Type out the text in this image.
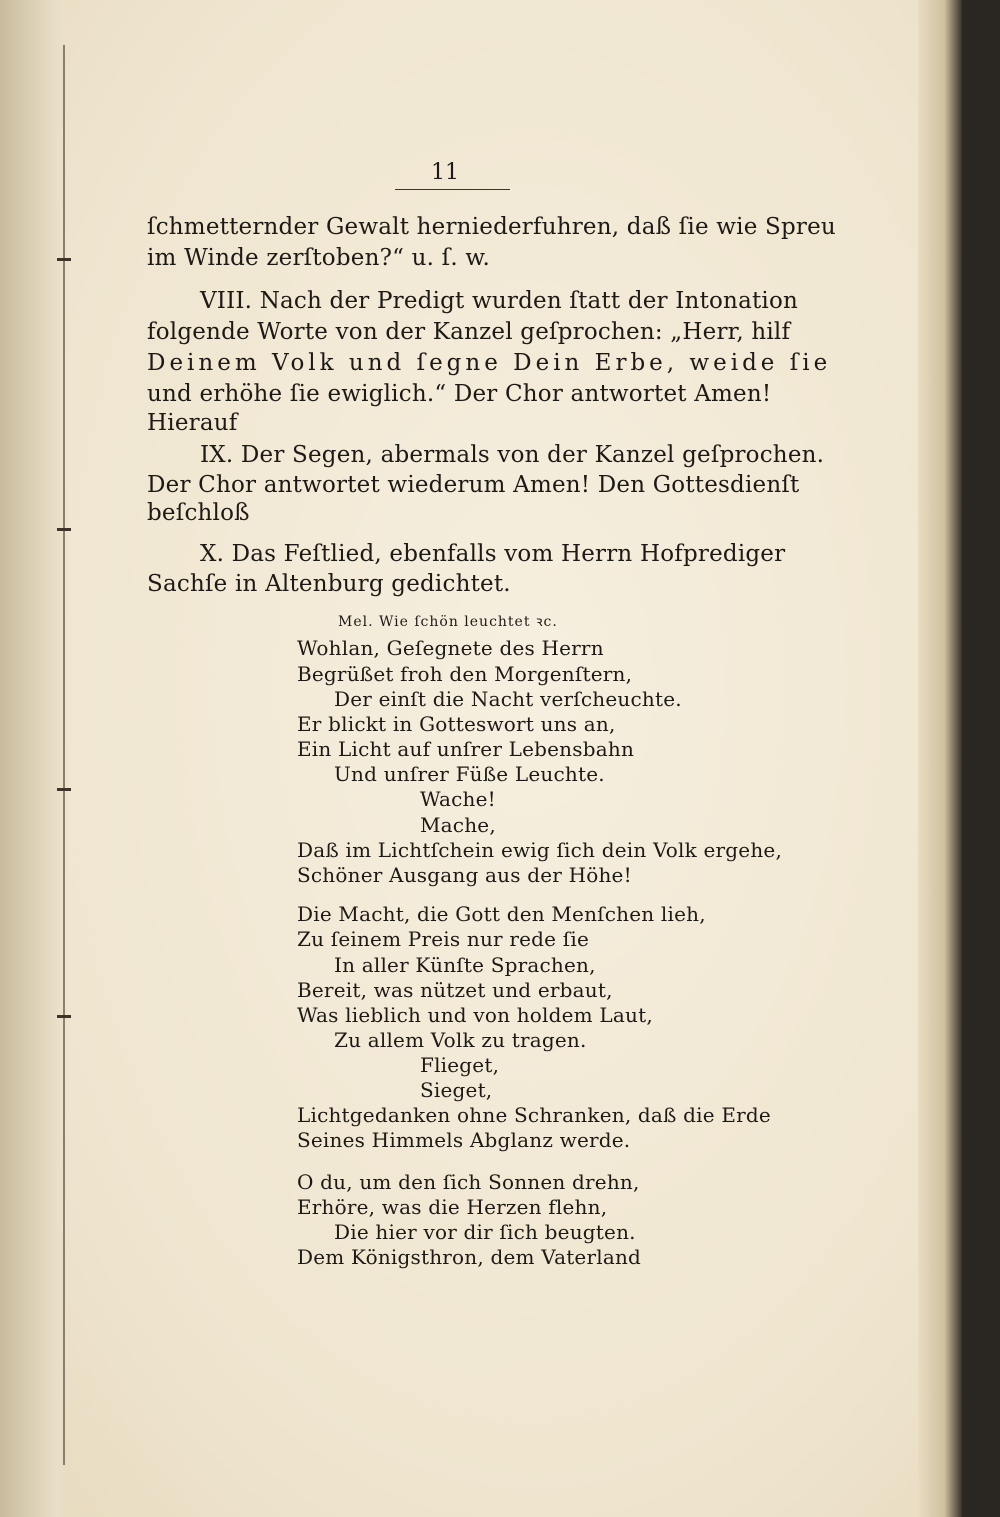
11
ſchmetternder Gewalt herniederfuhren, daß ſie wie Spreu
im Winde zerſtoben?“ u. ſ. w.
VIII. Nach der Predigt wurden ſtatt der Intonation
folgende Worte von der Kanzel geſprochen: „Herr, hilf
Deinem Volk und ſegne Dein Erbe, weide ſie
und erhöhe ſie ewiglich.“ Der Chor antwortet Amen!
Hierauf
IX. Der Segen, abermals von der Kanzel geſprochen.
Der Chor antwortet wiederum Amen! Den Gottesdienſt
beſchloß
X. Das Feſtlied, ebenfalls vom Herrn Hofprediger
Sachſe in Altenburg gedichtet.
Mel. Wie ſchön leuchtet ꝛc.
Wohlan, Geſegnete des Herrn
Begrüßet froh den Morgenſtern,
Der einſt die Nacht verſcheuchte.
Er blickt in Gotteswort uns an,
Ein Licht auf unſrer Lebensbahn
Und unſrer Füße Leuchte.
Wache!
Mache,
Daß im Lichtſchein ewig ſich dein Volk ergehe,
Schöner Ausgang aus der Höhe!
Die Macht, die Gott den Menſchen lieh,
Zu ſeinem Preis nur rede ſie
In aller Künſte Sprachen,
Bereit, was nützet und erbaut,
Was lieblich und von holdem Laut,
Zu allem Volk zu tragen.
Flieget,
Sieget,
Lichtgedanken ohne Schranken, daß die Erde
Seines Himmels Abglanz werde.
O du, um den ſich Sonnen drehn,
Erhöre, was die Herzen flehn,
Die hier vor dir ſich beugten.
Dem Königsthron, dem Vaterland
